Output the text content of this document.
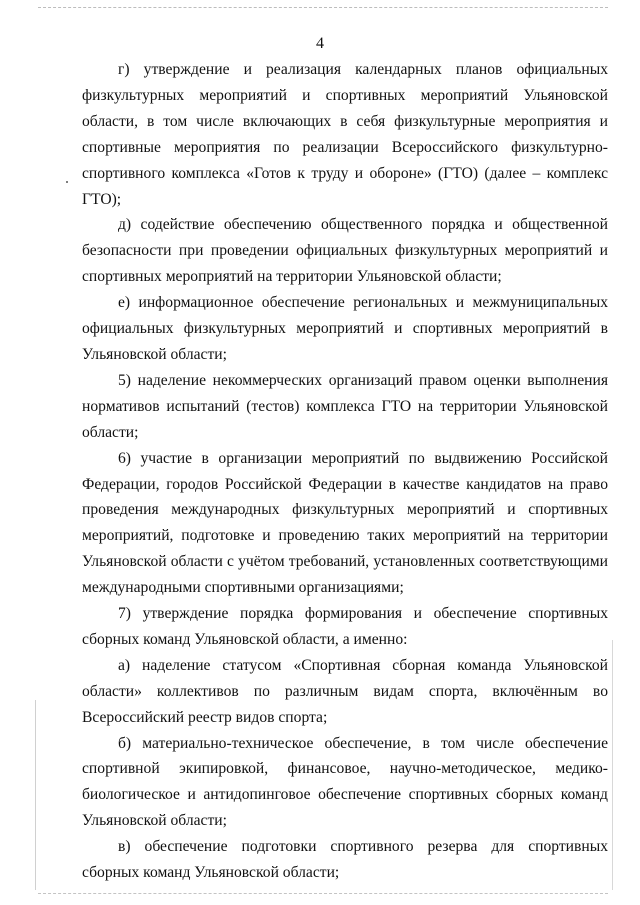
4

г) утверждение и реализация календарных планов официальных физкультурных мероприятий и спортивных мероприятий Ульяновской области, в том числе включающих в себя физкультурные мероприятия и спортивные мероприятия по реализации Всероссийского физкультурно-спортивного комплекса «Готов к труду и обороне» (ГТО) (далее – комплекс ГТО);

д) содействие обеспечению общественного порядка и общественной безопасности при проведении официальных физкультурных мероприятий и спортивных мероприятий на территории Ульяновской области;

е) информационное обеспечение региональных и межмуниципальных официальных физкультурных мероприятий и спортивных мероприятий в Ульяновской области;

5) наделение некоммерческих организаций правом оценки выполнения нормативов испытаний (тестов) комплекса ГТО на территории Ульяновской области;

6) участие в организации мероприятий по выдвижению Российской Федерации, городов Российской Федерации в качестве кандидатов на право проведения международных физкультурных мероприятий и спортивных мероприятий, подготовке и проведению таких мероприятий на территории Ульяновской области с учётом требований, установленных соответствующими международными спортивными организациями;

7) утверждение порядка формирования и обеспечение спортивных сборных команд Ульяновской области, а именно:

а) наделение статусом «Спортивная сборная команда Ульяновской области» коллективов по различным видам спорта, включённым во Всероссийский реестр видов спорта;

б) материально-техническое обеспечение, в том числе обеспечение спортивной экипировкой, финансовое, научно-методическое, медико-биологическое и антидопинговое обеспечение спортивных сборных команд Ульяновской области;

в) обеспечение подготовки спортивного резерва для спортивных сборных команд Ульяновской области;
